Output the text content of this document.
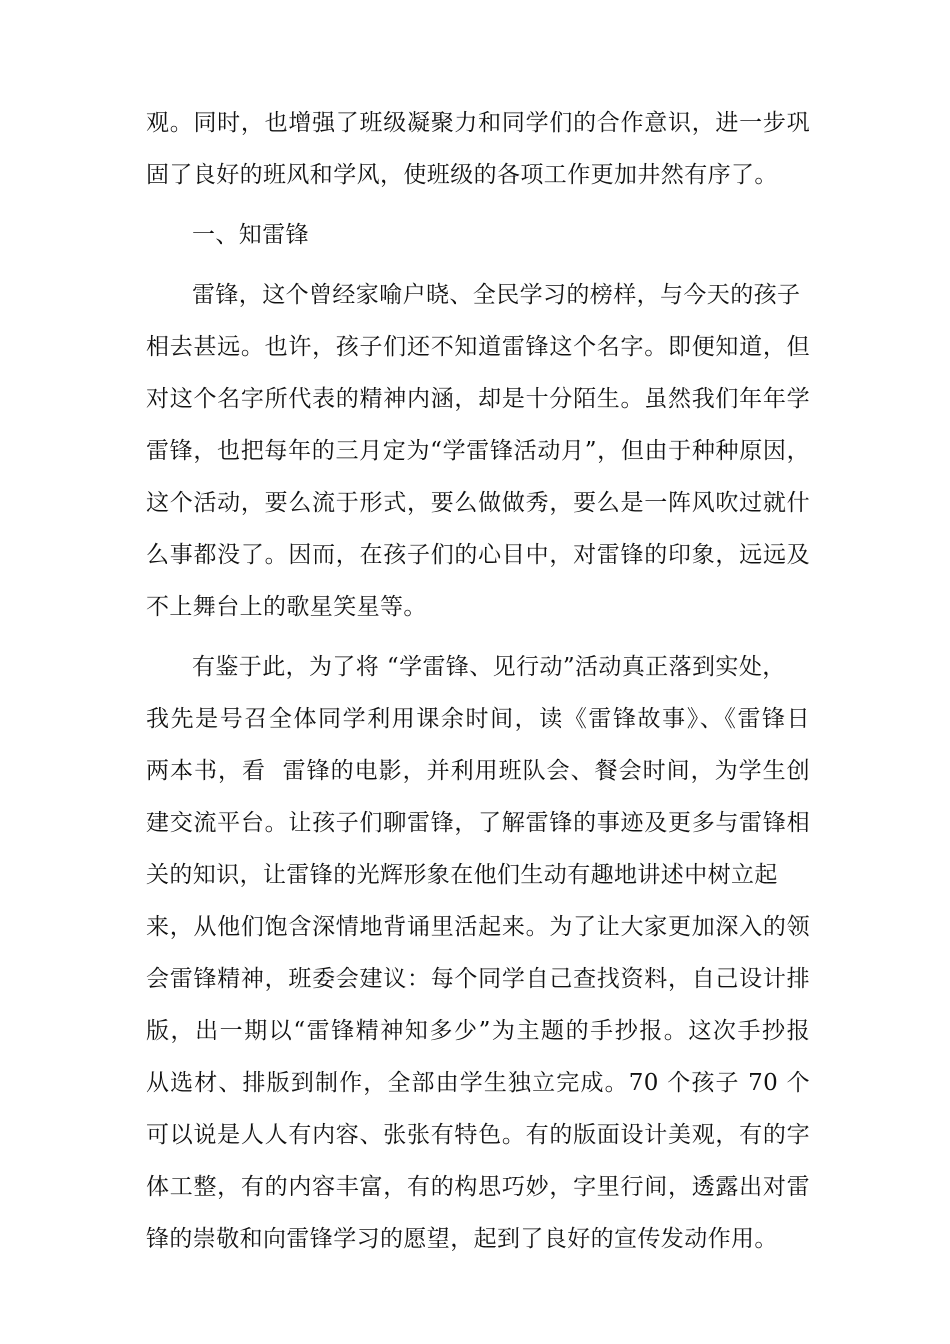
观。同时，也增强了班级凝聚力和同学们的合作意识，进一步巩
固了良好的班风和学风，使班级的各项工作更加井然有序了。
一、知雷锋
雷锋，这个曾经家喻户晓、全民学习的榜样，与今天的孩子
相去甚远。也许，孩子们还不知道雷锋这个名字。即便知道，但
对这个名字所代表的精神内涵，却是十分陌生。虽然我们年年学
雷锋，也把每年的三月定为“学雷锋活动月”，但由于种种原因，
这个活动，要么流于形式，要么做做秀，要么是一阵风吹过就什
么事都没了。因而，在孩子们的心目中，对雷锋的印象，远远及
不上舞台上的歌星笑星等。
有鉴于此，为了将 “学雷锋、见行动”活动真正落到实处，
我先是号召全体同学利用课余时间，读《雷锋故事》、《雷锋日
两本书，看  雷锋的电影，并利用班队会、餐会时间，为学生创
建交流平台。让孩子们聊雷锋，了解雷锋的事迹及更多与雷锋相
关的知识，让雷锋的光辉形象在他们生动有趣地讲述中树立起
来，从他们饱含深情地背诵里活起来。为了让大家更加深入的领
会雷锋精神，班委会建议：每个同学自己查找资料，自己设计排
版，出一期以“雷锋精神知多少”为主题的手抄报。这次手抄报
从选材、排版到制作，全部由学生独立完成。70 个孩子 70 个
可以说是人人有内容、张张有特色。有的版面设计美观，有的字
体工整，有的内容丰富，有的构思巧妙，字里行间，透露出对雷
锋的崇敬和向雷锋学习的愿望，起到了良好的宣传发动作用。
